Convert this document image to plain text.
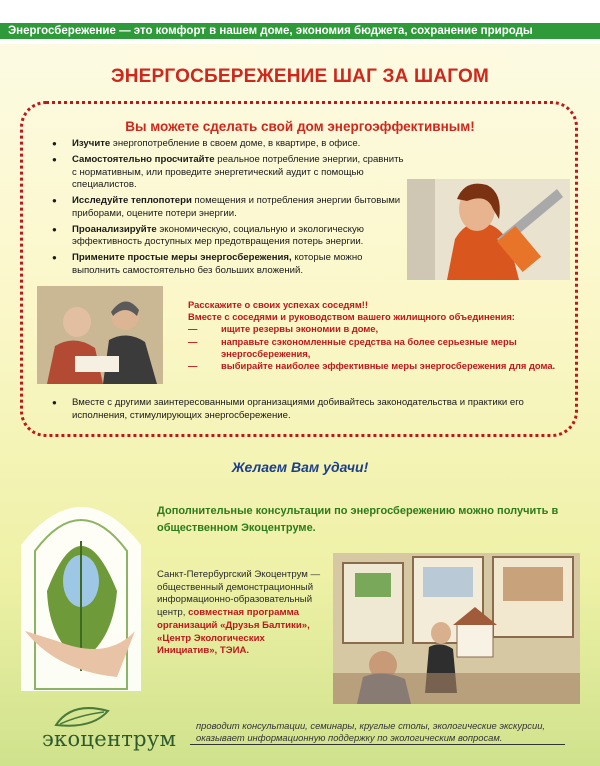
Энергосбережение — это комфорт в нашем доме, экономия бюджета, сохранение природы
ЭНЕРГОСБЕРЕЖЕНИЕ ШАГ ЗА ШАГОМ
Вы можете сделать свой дом энергоэффективным!
● Изучите энергопотребление в своем доме, в квартире, в офисе.
● Самостоятельно просчитайте реальное потребление энергии, сравнить с нормативным, или проведите энергетический аудит с помощью специалистов.
● Исследуйте теплопотери помещения и потребления энергии бытовыми приборами, оцените потери энергии.
● Проанализируйте экономическую, социальную и экологическую эффективность доступных мер предотвращения потерь энергии.
● Примените простые меры энергосбережения, которые можно выполнить самостоятельно без больших вложений.
Расскажите о своих успехах соседям!!
Вместе с соседями и руководством вашего жилищного объединения:
—	ищите резервы экономии в доме,
—	направьте сэкономленные средства на более серьезные меры энергосбережения,
—	выбирайте наиболее эффективные меры энергосбережения для дома.
● Вместе с другими заинтересованными организациями добивайтесь законодательства и практики его исполнения, стимулирующих энергосбережение.
Желаем Вам удачи!
Дополнительные консультации по энергосбережению можно получить в общественном Экоцентруме.
Санкт-Петербургский Экоцентрум — общественный демонстрационный информационно-образовательный центр, совместная программа организаций «Друзья Балтики», «Центр Экологических Инициатив», ТЭИА.
экоцентрум
проводит консультации, семинары, круглые столы, экологические экскурсии, оказывает информационную поддержку по экологическим вопросам.
